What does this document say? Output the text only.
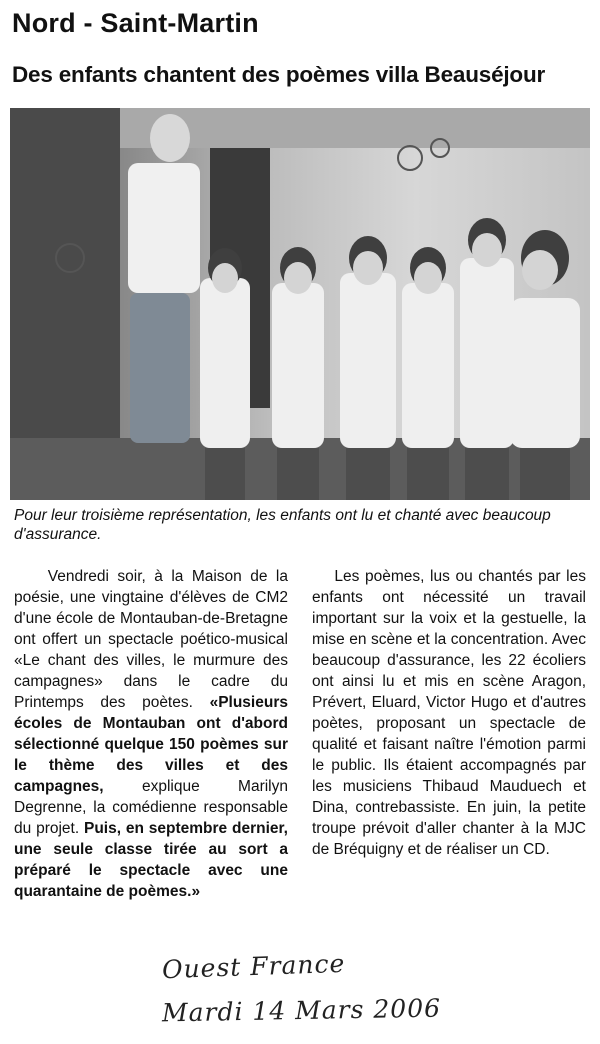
Nord - Saint-Martin
Des enfants chantent des poèmes villa Beauséjour

Pour leur troisième représentation, les enfants ont lu et chanté avec beaucoup d'assurance.

Vendredi soir, à la Maison de la poésie, une vingtaine d'élèves de CM2 d'une école de Montauban-de-Bretagne ont offert un spectacle poético-musical «Le chant des villes, le murmure des campagnes» dans le cadre du Printemps des poètes. «Plusieurs écoles de Montauban ont d'abord sélectionné quelque 150 poèmes sur le thème des villes et des campagnes, explique Marilyn Degrenne, la comédienne responsable du projet. Puis, en septembre dernier, une seule classe tirée au sort a préparé le spectacle avec une quarantaine de poèmes.»

Les poèmes, lus ou chantés par les enfants ont nécessité un travail important sur la voix et la gestuelle, la mise en scène et la concentration. Avec beaucoup d'assurance, les 22 écoliers ont ainsi lu et mis en scène Aragon, Prévert, Eluard, Victor Hugo et d'autres poètes, proposant un spectacle de qualité et faisant naître l'émotion parmi le public. Ils étaient accompagnés par les musiciens Thibaud Mauduech et Dina, contrebassiste. En juin, la petite troupe prévoit d'aller chanter à la MJC de Bréquigny et de réaliser un CD.

Ouest France
Mardi 14 Mars 2006
